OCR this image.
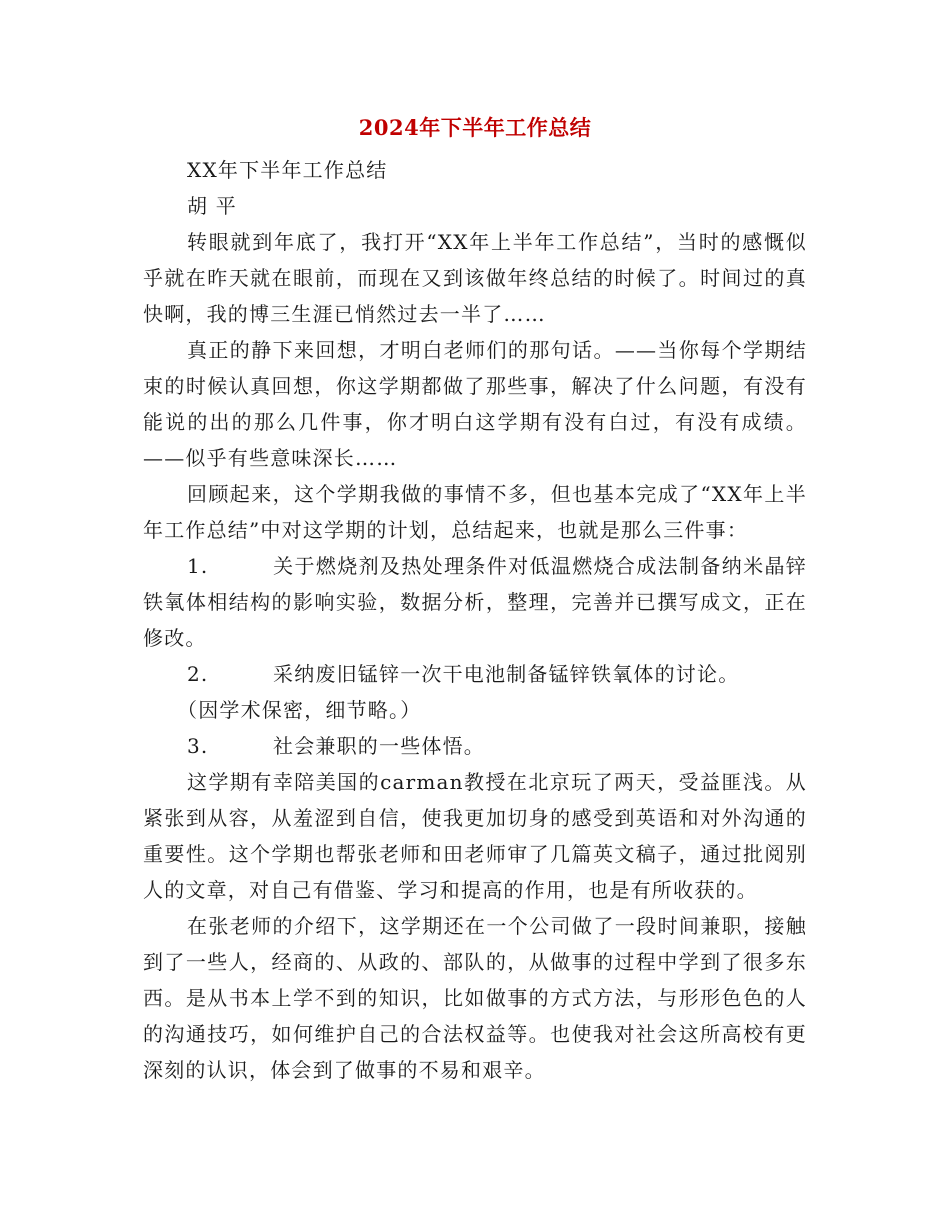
2024年下半年工作总结

XX年下半年工作总结

胡 平

转眼就到年底了，我打开“XX年上半年工作总结”，当时的感慨似乎就在昨天就在眼前，而现在又到该做年终总结的时候了。时间过的真快啊，我的博三生涯已悄然过去一半了……

真正的静下来回想，才明白老师们的那句话。——当你每个学期结束的时候认真回想，你这学期都做了那些事，解决了什么问题，有没有能说的出的那么几件事，你才明白这学期有没有白过，有没有成绩。——似乎有些意味深长……

回顾起来，这个学期我做的事情不多，但也基本完成了“XX年上半年工作总结”中对这学期的计划，总结起来，也就是那么三件事：

1.	关于燃烧剂及热处理条件对低温燃烧合成法制备纳米晶锌铁氧体相结构的影响实验，数据分析，整理，完善并已撰写成文，正在修改。

2.	采纳废旧锰锌一次干电池制备锰锌铁氧体的讨论。

（因学术保密，细节略。）

3.	社会兼职的一些体悟。

这学期有幸陪美国的carman教授在北京玩了两天，受益匪浅。从紧张到从容，从羞涩到自信，使我更加切身的感受到英语和对外沟通的重要性。这个学期也帮张老师和田老师审了几篇英文稿子，通过批阅别人的文章，对自己有借鉴、学习和提高的作用，也是有所收获的。

在张老师的介绍下，这学期还在一个公司做了一段时间兼职，接触到了一些人，经商的、从政的、部队的，从做事的过程中学到了很多东西。是从书本上学不到的知识，比如做事的方式方法，与形形色色的人的沟通技巧，如何维护自己的合法权益等。也使我对社会这所高校有更深刻的认识，体会到了做事的不易和艰辛。
